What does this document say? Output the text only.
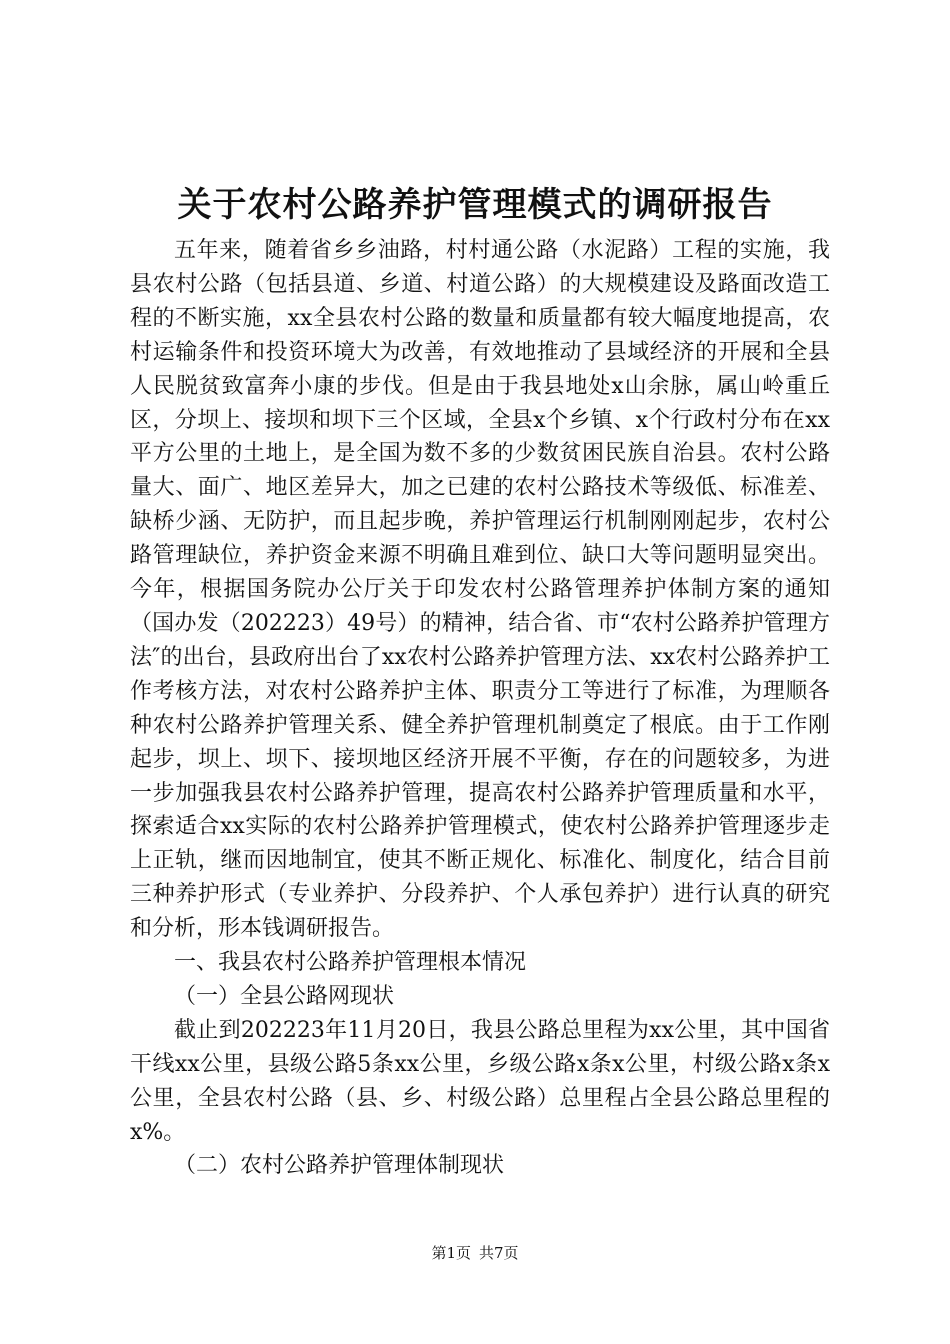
关于农村公路养护管理模式的调研报告

五年来，随着省乡乡油路，村村通公路（水泥路）工程的实施，我县农村公路（包括县道、乡道、村道公路）的大规模建设及路面改造工程的不断实施，xx全县农村公路的数量和质量都有较大幅度地提高，农村运输条件和投资环境大为改善，有效地推动了县域经济的开展和全县人民脱贫致富奔小康的步伐。但是由于我县地处x山余脉，属山岭重丘区，分坝上、接坝和坝下三个区域，全县x个乡镇、x个行政村分布在xx平方公里的土地上，是全国为数不多的少数贫困民族自治县。农村公路量大、面广、地区差异大，加之已建的农村公路技术等级低、标准差、缺桥少涵、无防护，而且起步晚，养护管理运行机制刚刚起步，农村公路管理缺位，养护资金来源不明确且难到位、缺口大等问题明显突出。今年，根据国务院办公厅关于印发农村公路管理养护体制方案的通知（国办发（202223）49号）的精神，结合省、市“农村公路养护管理方法″的出台，县政府出台了xx农村公路养护管理方法、xx农村公路养护工作考核方法，对农村公路养护主体、职责分工等进行了标准，为理顺各种农村公路养护管理关系、健全养护管理机制奠定了根底。由于工作刚起步，坝上、坝下、接坝地区经济开展不平衡，存在的问题较多，为进一步加强我县农村公路养护管理，提高农村公路养护管理质量和水平，探索适合xx实际的农村公路养护管理模式，使农村公路养护管理逐步走上正轨，继而因地制宜，使其不断正规化、标准化、制度化，结合目前三种养护形式（专业养护、分段养护、个人承包养护）进行认真的研究和分析，形本钱调研报告。

一、我县农村公路养护管理根本情况

（一）全县公路网现状

截止到202223年11月20日，我县公路总里程为xx公里，其中国省干线xx公里，县级公路5条xx公里，乡级公路x条x公里，村级公路x条x公里，全县农村公路（县、乡、村级公路）总里程占全县公路总里程的x%。

（二）农村公路养护管理体制现状

第1页 共7页
